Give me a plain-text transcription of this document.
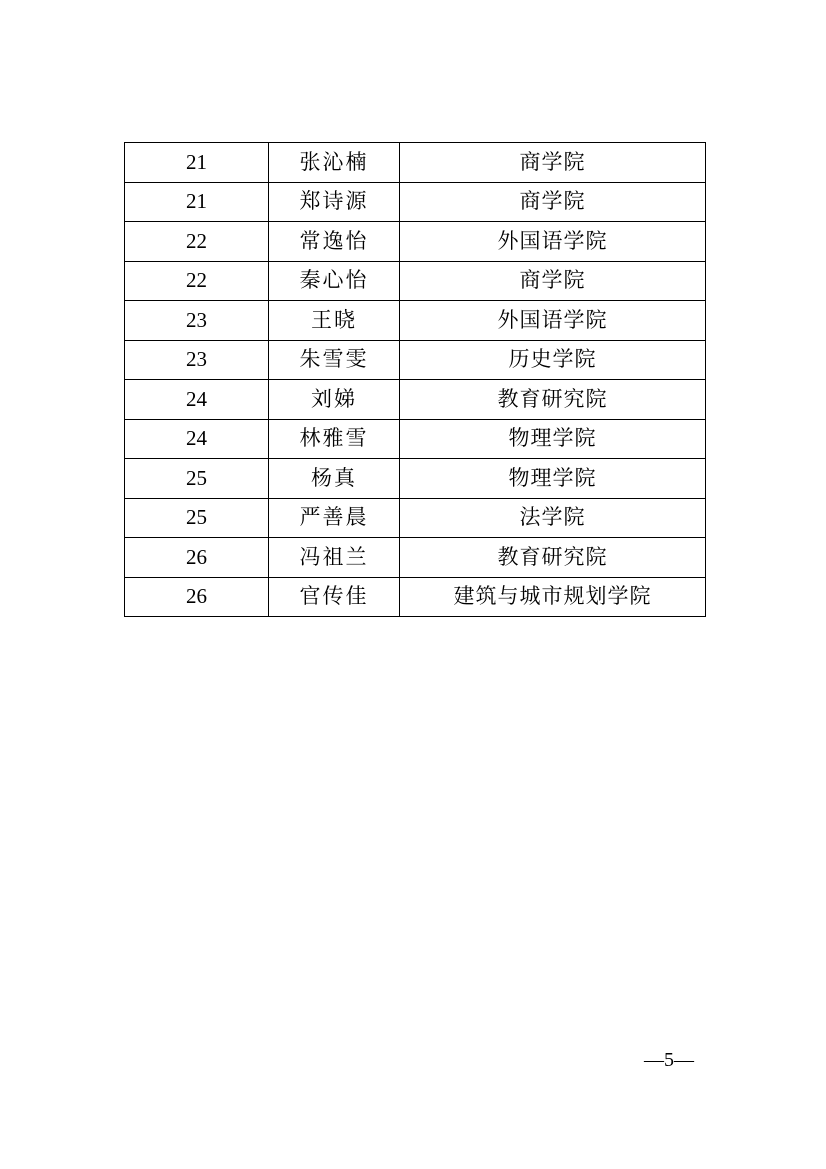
21	张沁楠	商学院
21	郑诗源	商学院
22	常逸怡	外国语学院
22	秦心怡	商学院
23	王晓	外国语学院
23	朱雪雯	历史学院
24	刘娣	教育研究院
24	林雅雪	物理学院
25	杨真	物理学院
25	严善晨	法学院
26	冯祖兰	教育研究院
26	官传佳	建筑与城市规划学院
—5—
